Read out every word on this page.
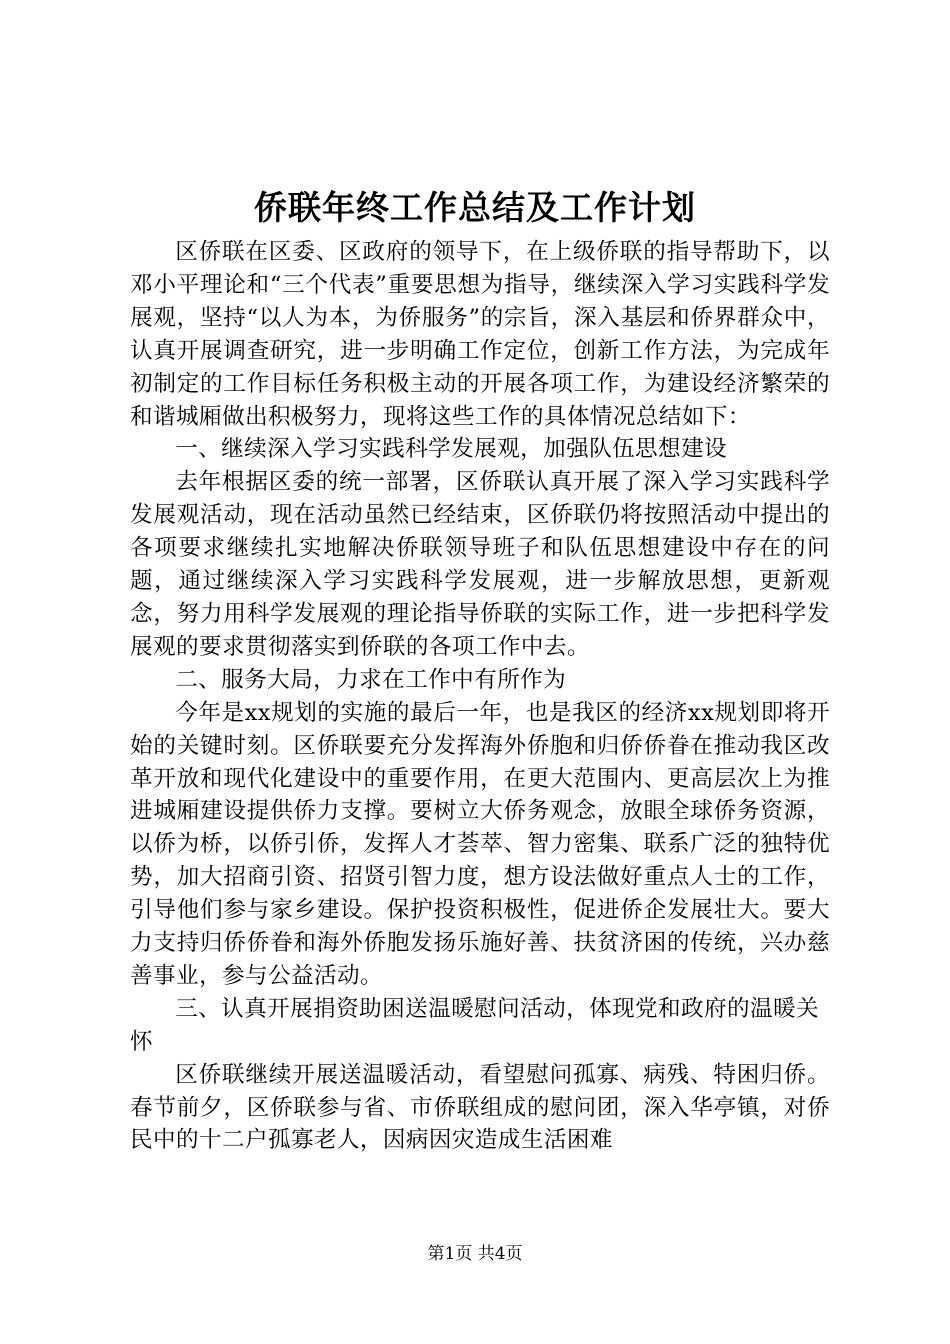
侨联年终工作总结及工作计划

区侨联在区委、区政府的领导下，在上级侨联的指导帮助下，以邓小平理论和“三个代表”重要思想为指导，继续深入学习实践科学发展观，坚持“以人为本，为侨服务”的宗旨，深入基层和侨界群众中，认真开展调查研究，进一步明确工作定位，创新工作方法，为完成年初制定的工作目标任务积极主动的开展各项工作，为建设经济繁荣的和谐城厢做出积极努力，现将这些工作的具体情况总结如下：

一、继续深入学习实践科学发展观，加强队伍思想建设

去年根据区委的统一部署，区侨联认真开展了深入学习实践科学发展观活动，现在活动虽然已经结束，区侨联仍将按照活动中提出的各项要求继续扎实地解决侨联领导班子和队伍思想建设中存在的问题，通过继续深入学习实践科学发展观，进一步解放思想，更新观念，努力用科学发展观的理论指导侨联的实际工作，进一步把科学发展观的要求贯彻落实到侨联的各项工作中去。

二、服务大局，力求在工作中有所作为

今年是xx规划的实施的最后一年，也是我区的经济xx规划即将开始的关键时刻。区侨联要充分发挥海外侨胞和归侨侨眷在推动我区改革开放和现代化建设中的重要作用，在更大范围内、更高层次上为推进城厢建设提供侨力支撑。要树立大侨务观念，放眼全球侨务资源，以侨为桥，以侨引侨，发挥人才荟萃、智力密集、联系广泛的独特优势，加大招商引资、招贤引智力度，想方设法做好重点人士的工作，引导他们参与家乡建设。保护投资积极性，促进侨企发展壮大。要大力支持归侨侨眷和海外侨胞发扬乐施好善、扶贫济困的传统，兴办慈善事业，参与公益活动。

三、认真开展捐资助困送温暖慰问活动，体现党和政府的温暖关怀

区侨联继续开展送温暖活动，看望慰问孤寡、病残、特困归侨。春节前夕，区侨联参与省、市侨联组成的慰问团，深入华亭镇，对侨民中的十二户孤寡老人，因病因灾造成生活困难

第1页 共4页
